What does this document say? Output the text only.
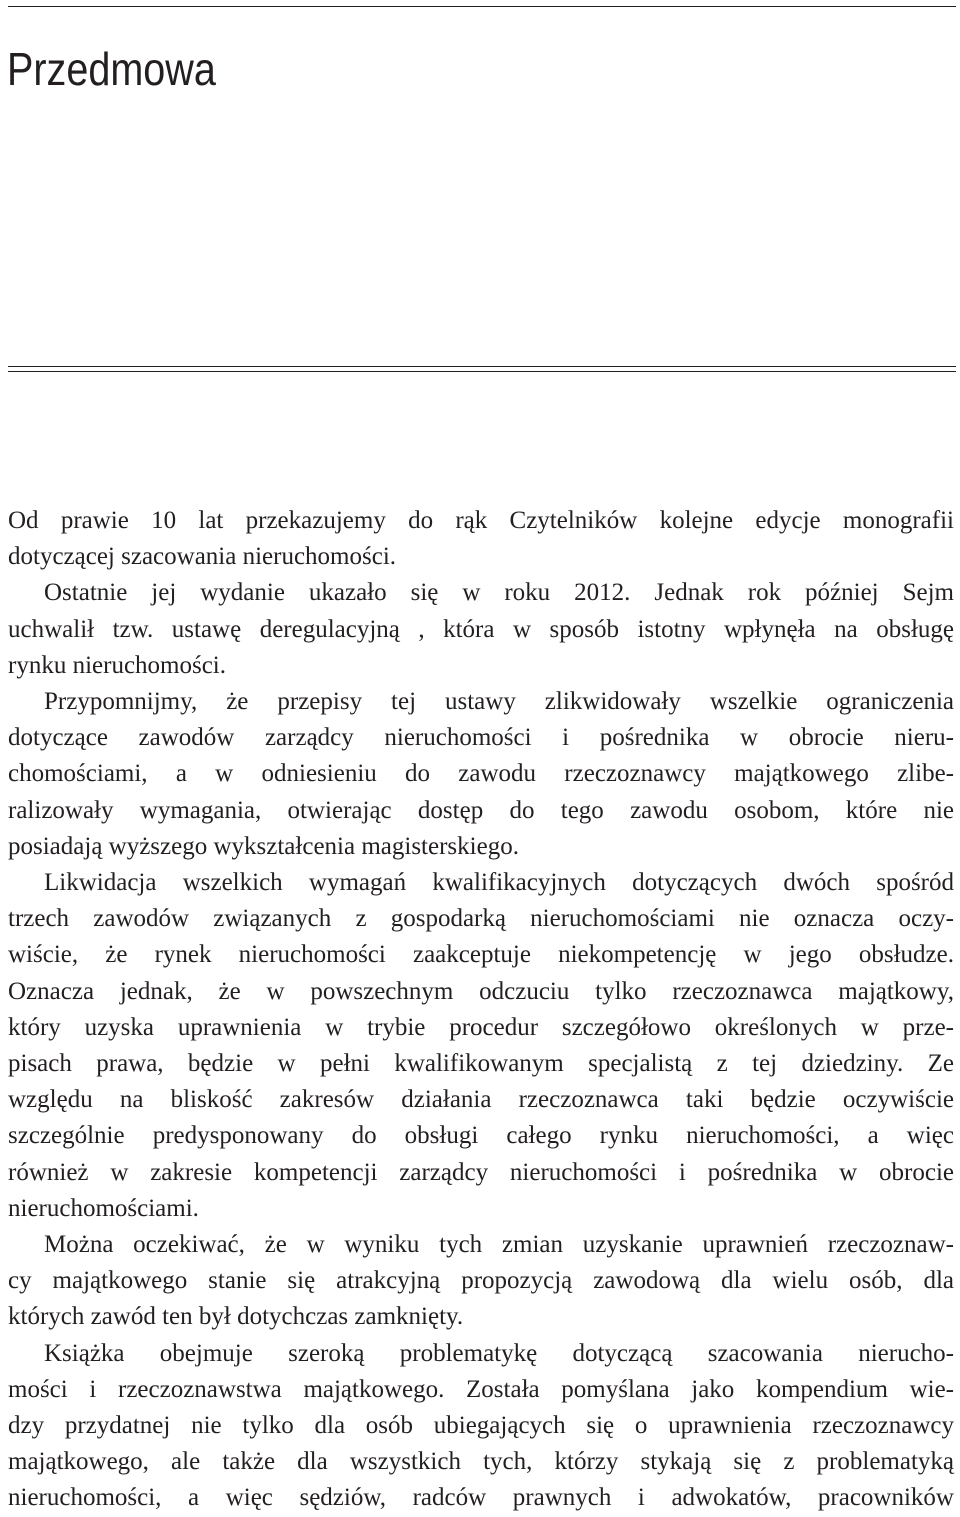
Przedmowa
Od prawie 10 lat przekazujemy do rąk Czytelników kolejne edycje monografii
dotyczącej szacowania nieruchomości.
Ostatnie jej wydanie ukazało się w roku 2012. Jednak rok później Sejm
uchwalił tzw. ustawę deregulacyjną , która w sposób istotny wpłynęła na obsługę
rynku nieruchomości.
Przypomnijmy, że przepisy tej ustawy zlikwidowały wszelkie ograniczenia
dotyczące zawodów zarządcy nieruchomości i pośrednika w obrocie nieru-
chomościami, a w odniesieniu do zawodu rzeczoznawcy majątkowego zlibe-
ralizowały wymagania, otwierając dostęp do tego zawodu osobom, które nie
posiadają wyższego wykształcenia magisterskiego.
Likwidacja wszelkich wymagań kwalifikacyjnych dotyczących dwóch spośród
trzech zawodów związanych z gospodarką nieruchomościami nie oznacza oczy-
wiście, że rynek nieruchomości zaakceptuje niekompetencję w jego obsłudze.
Oznacza jednak, że w powszechnym odczuciu tylko rzeczoznawca majątkowy,
który uzyska uprawnienia w trybie procedur szczegółowo określonych w prze-
pisach prawa, będzie w pełni kwalifikowanym specjalistą z tej dziedziny. Ze
względu na bliskość zakresów działania rzeczoznawca taki będzie oczywiście
szczególnie predysponowany do obsługi całego rynku nieruchomości, a więc
również w zakresie kompetencji zarządcy nieruchomości i pośrednika w obrocie
nieruchomościami.
Można oczekiwać, że w wyniku tych zmian uzyskanie uprawnień rzeczoznaw-
cy majątkowego stanie się atrakcyjną propozycją zawodową dla wielu osób, dla
których zawód ten był dotychczas zamknięty.
Książka obejmuje szeroką problematykę dotyczącą szacowania nierucho-
mości i rzeczoznawstwa majątkowego. Została pomyślana jako kompendium wie-
dzy przydatnej nie tylko dla osób ubiegających się o uprawnienia rzeczoznawcy
majątkowego, ale także dla wszystkich tych, którzy stykają się z problematyką
nieruchomości, a więc sędziów, radców prawnych i adwokatów, pracowników
